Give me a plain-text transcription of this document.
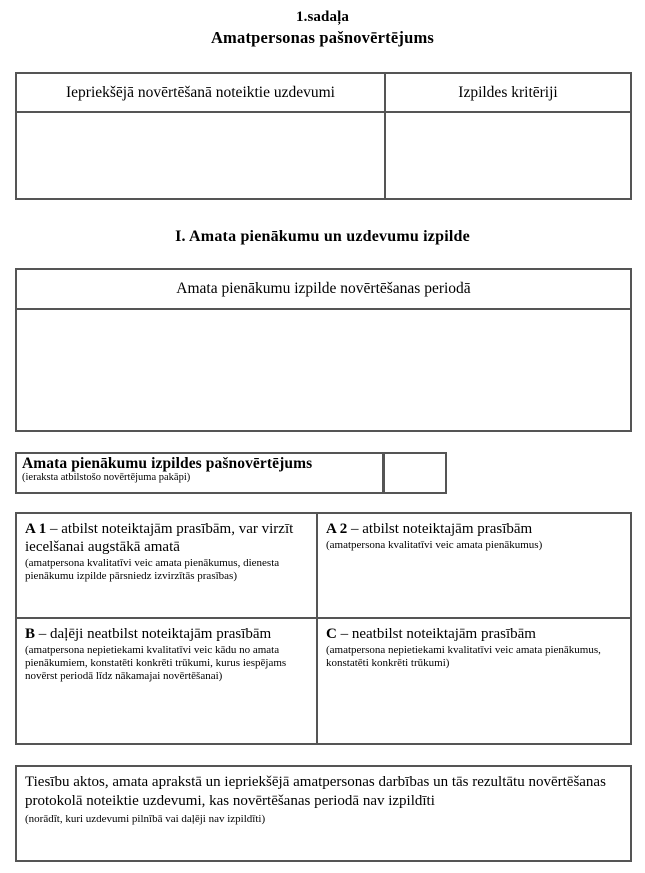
1.sadaļa
Amatpersonas pašnovērtējums
Iepriekšējā novērtēšanā noteiktie uzdevumi	Izpildes kritēriji
I. Amata pienākumu un uzdevumu izpilde
Amata pienākumu izpilde novērtēšanas periodā
Amata pienākumu izpildes pašnovērtējums
(ieraksta atbilstošo novērtējuma pakāpi)
A 1 – atbilst noteiktajām prasībām, var virzīt iecelšanai augstākā amatā
(amatpersona kvalitatīvi veic amata pienākumus, dienesta pienākumu izpilde pārsniedz izvirzītās prasības)
A 2 – atbilst noteiktajām prasībām
(amatpersona kvalitatīvi veic amata pienākumus)
B – daļēji neatbilst noteiktajām prasībām
(amatpersona nepietiekami kvalitatīvi veic kādu no amata pienākumiem, konstatēti konkrēti trūkumi, kurus iespējams novērst periodā līdz nākamajai novērtēšanai)
C – neatbilst noteiktajām prasībām
(amatpersona nepietiekami kvalitatīvi veic amata pienākumus, konstatēti konkrēti trūkumi)
Tiesību aktos, amata aprakstā un iepriekšējā amatpersonas darbības un tās rezultātu novērtēšanas protokolā noteiktie uzdevumi, kas novērtēšanas periodā nav izpildīti
(norādīt, kuri uzdevumi pilnībā vai daļēji nav izpildīti)
